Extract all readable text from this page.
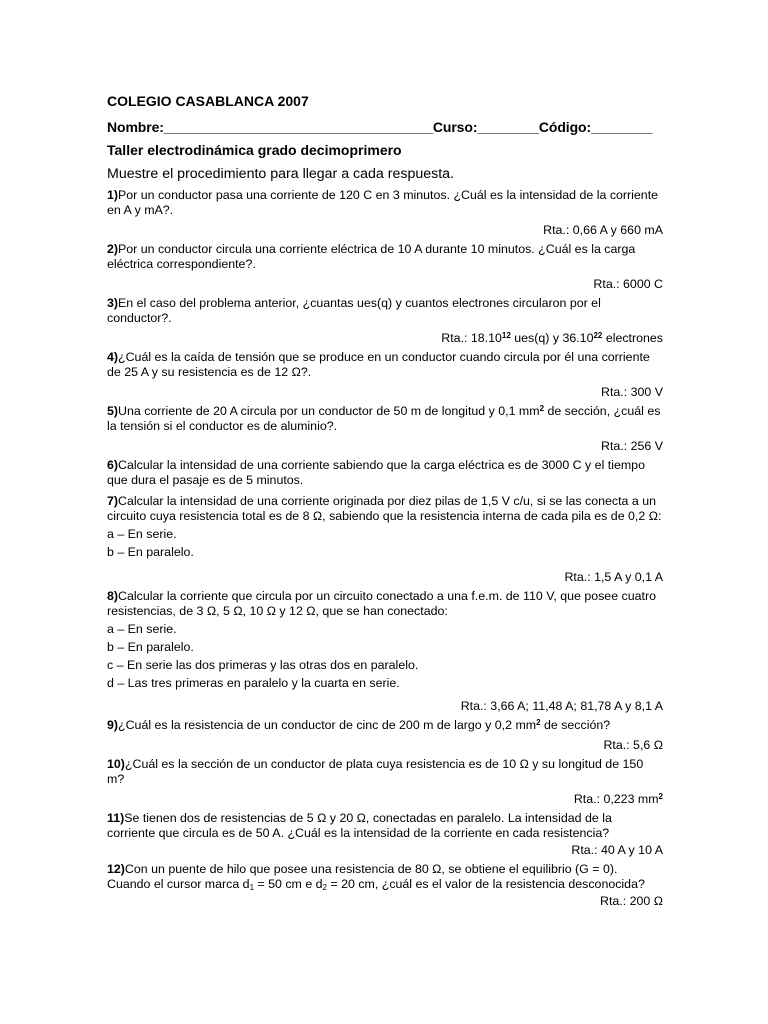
COLEGIO CASABLANCA 2007
Nombre:___________________________________Curso:________Código:________
Taller electrodinámica grado decimoprimero
Muestre el procedimiento para llegar a cada respuesta.

1)Por un conductor pasa una corriente de 120 C en 3 minutos. ¿Cuál es la intensidad de la corriente en A y mA?.

Rta.: 0,66 A y 660 mA

2)Por un conductor circula una corriente eléctrica de 10 A durante 10 minutos. ¿Cuál es la carga eléctrica correspondiente?.

Rta.: 6000 C

3)En el caso del problema anterior, ¿cuantas ues(q) y cuantos electrones circularon por el conductor?.

Rta.: 18.10$^{12}$ ues(q) y 36.10$^{22}$ electrones

4)¿Cuál es la caída de tensión que se produce en un conductor cuando circula por él una corriente de 25 A y su resistencia es de 12 Ω?.

Rta.: 300 V

5)Una corriente de 20 A circula por un conductor de 50 m de longitud y 0,1 $mm^2$ de sección, ¿cuál es la tensión si el conductor es de aluminio?.

Rta.: 256 V

6)Calcular la intensidad de una corriente sabiendo que la carga eléctrica es de 3000 C y el tiempo que dura el pasaje es de 5 minutos.

7)Calcular la intensidad de una corriente originada por diez pilas de 1,5 V c/u, si se las conecta a un circuito cuya resistencia total es de 8 Ω, sabiendo que la resistencia interna de cada pila es de 0,2 Ω:

a – En serie.

b – En paralelo.

Rta.: 1,5 A y 0,1 A

8)Calcular la corriente que circula por un circuito conectado a una f.e.m. de 110 V, que posee cuatro resistencias, de 3 Ω, 5 Ω, 10 Ω y 12 Ω, que se han conectado:

a – En serie.

b – En paralelo.

c – En serie las dos primeras y las otras dos en paralelo.

d – Las tres primeras en paralelo y la cuarta en serie.

Rta.: 3,66 A; 11,48 A; 81,78 A y 8,1 A

9)¿Cuál es la resistencia de un conductor de cinc de 200 m de largo y 0,2 $mm^2$ de sección?

Rta.: 5,6 Ω

10)¿Cuál es la sección de un conductor de plata cuya resistencia es de 10 Ω y su longitud de 150 m?

Rta.: 0,223 $mm^2$

11)Se tienen dos de resistencias de 5 Ω y 20 Ω, conectadas en paralelo. La intensidad de la corriente que circula es de 50 A. ¿Cuál es la intensidad de la corriente en cada resistencia?

Rta.: 40 A y 10 A

12)Con un puente de hilo que posee una resistencia de 80 Ω, se obtiene el equilibrio (G = 0). Cuando el cursor marca $d_1 = 50$ cm e $d_2 = 20$ cm, ¿cuál es el valor de la resistencia desconocida?

Rta.: 200 Ω
